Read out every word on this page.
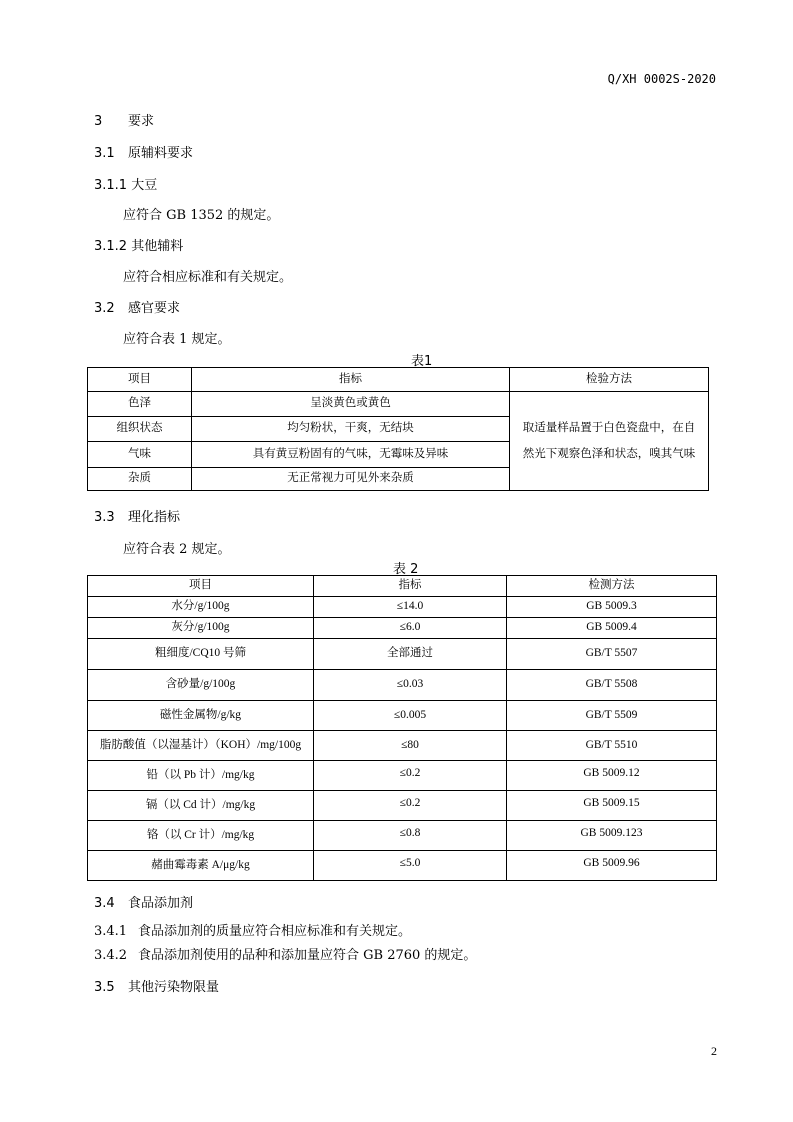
Q/XH 0002S-2020
3 要求
3.1 原辅料要求
3.1.1 大豆
应符合 GB 1352 的规定。
3.1.2 其他辅料
应符合相应标准和有关规定。
3.2 感官要求
应符合表 1 规定。
表1
项目	指标	检验方法
色泽	呈淡黄色或黄色	取适量样品置于白色瓷盘中，在自然光下观察色泽和状态，嗅其气味
组织状态	均匀粉状，干爽，无结块	
气味	具有黄豆粉固有的气味，无霉味及异味	
杂质	无正常视力可见外来杂质	
3.3 理化指标
应符合表 2 规定。
表 2
项目	指标	检测方法
水分/g/100g	≤14.0	GB 5009.3
灰分/g/100g	≤6.0	GB 5009.4
粗细度/CQ10 号筛	全部通过	GB/T 5507
含砂量/g/100g	≤0.03	GB/T 5508
磁性金属物/g/kg	≤0.005	GB/T 5509
脂肪酸值（以湿基计）（KOH）/mg/100g	≤80	GB/T 5510
铅（以 Pb 计）/mg/kg	≤0.2	GB 5009.12
镉（以 Cd 计）/mg/kg	≤0.2	GB 5009.15
铬（以 Cr 计）/mg/kg	≤0.8	GB 5009.123
赭曲霉毒素 A/μg/kg	≤5.0	GB 5009.96
3.4 食品添加剂
3.4.1 食品添加剂的质量应符合相应标准和有关规定。
3.4.2 食品添加剂使用的品种和添加量应符合 GB 2760 的规定。
3.5 其他污染物限量
2
